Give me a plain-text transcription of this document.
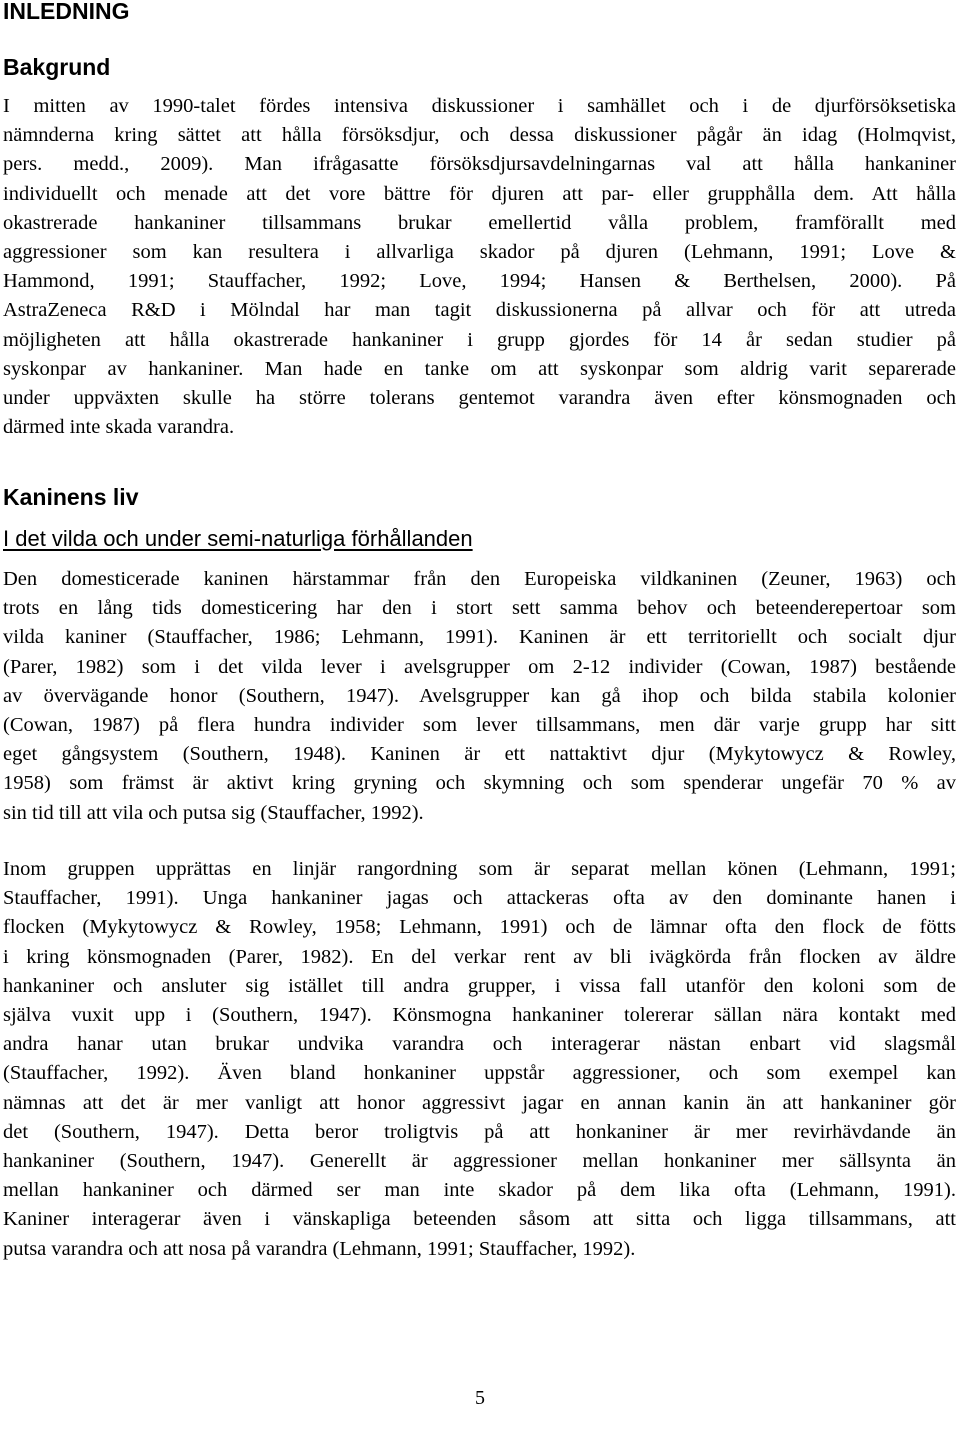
INLEDNING
Bakgrund
I mitten av 1990-talet fördes intensiva diskussioner i samhället och i de djurförsöksetiska
nämnderna kring sättet att hålla försöksdjur, och dessa diskussioner pågår än idag (Holmqvist,
pers. medd., 2009). Man ifrågasatte försöksdjursavdelningarnas val att hålla hankaniner
individuellt och menade att det vore bättre för djuren att par- eller grupphålla dem. Att hålla
okastrerade hankaniner tillsammans brukar emellertid vålla problem, framförallt med
aggressioner som kan resultera i allvarliga skador på djuren (Lehmann, 1991; Love &
Hammond, 1991; Stauffacher, 1992; Love, 1994; Hansen & Berthelsen, 2000). På
AstraZeneca R&D i Mölndal har man tagit diskussionerna på allvar och för att utreda
möjligheten att hålla okastrerade hankaniner i grupp gjordes för 14 år sedan studier på
syskonpar av hankaniner. Man hade en tanke om att syskonpar som aldrig varit separerade
under uppväxten skulle ha större tolerans gentemot varandra även efter könsmognaden och
därmed inte skada varandra.
Kaninens liv
I det vilda och under semi-naturliga förhållanden
Den domesticerade kaninen härstammar från den Europeiska vildkaninen (Zeuner, 1963) och
trots en lång tids domesticering har den i stort sett samma behov och beteenderepertoar som
vilda kaniner (Stauffacher, 1986; Lehmann, 1991). Kaninen är ett territoriellt och socialt djur
(Parer, 1982) som i det vilda lever i avelsgrupper om 2-12 individer (Cowan, 1987) bestående
av övervägande honor (Southern, 1947). Avelsgrupper kan gå ihop och bilda stabila kolonier
(Cowan, 1987) på flera hundra individer som lever tillsammans, men där varje grupp har sitt
eget gångsystem (Southern, 1948). Kaninen är ett nattaktivt djur (Mykytowycz & Rowley,
1958) som främst är aktivt kring gryning och skymning och som spenderar ungefär 70 % av
sin tid till att vila och putsa sig (Stauffacher, 1992).
Inom gruppen upprättas en linjär rangordning som är separat mellan könen (Lehmann, 1991;
Stauffacher, 1991). Unga hankaniner jagas och attackeras ofta av den dominante hanen i
flocken (Mykytowycz & Rowley, 1958; Lehmann, 1991) och de lämnar ofta den flock de fötts
i kring könsmognaden (Parer, 1982). En del verkar rent av bli ivägkörda från flocken av äldre
hankaniner och ansluter sig istället till andra grupper, i vissa fall utanför den koloni som de
själva vuxit upp i (Southern, 1947). Könsmogna hankaniner tolererar sällan nära kontakt med
andra hanar utan brukar undvika varandra och interagerar nästan enbart vid slagsmål
(Stauffacher, 1992). Även bland honkaniner uppstår aggressioner, och som exempel kan
nämnas att det är mer vanligt att honor aggressivt jagar en annan kanin än att hankaniner gör
det (Southern, 1947). Detta beror troligtvis på att honkaniner är mer revirhävdande än
hankaniner (Southern, 1947). Generellt är aggressioner mellan honkaniner mer sällsynta än
mellan hankaniner och därmed ser man inte skador på dem lika ofta (Lehmann, 1991).
Kaniner interagerar även i vänskapliga beteenden såsom att sitta och ligga tillsammans, att
putsa varandra och att nosa på varandra (Lehmann, 1991; Stauffacher, 1992).
5
